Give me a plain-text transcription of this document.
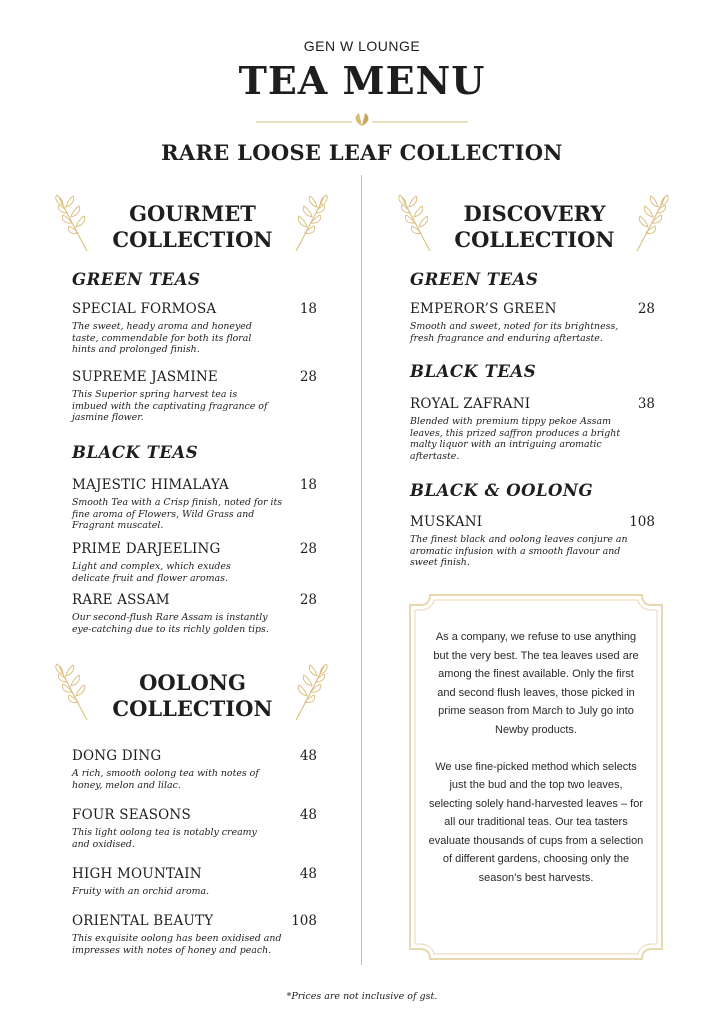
GEN W LOUNGE
TEA MENU
RARE LOOSE LEAF COLLECTION
GOURMET
COLLECTION
GREEN TEAS
SPECIAL FORMOSA	18
The sweet, heady aroma and honeyed taste, commendable for both its floral hints and prolonged finish.
SUPREME JASMINE	28
This Superior spring harvest tea is imbued with the captivating fragrance of jasmine flower.
BLACK TEAS
MAJESTIC HIMALAYA	18
Smooth Tea with a Crisp finish, noted for its fine aroma of Flowers, Wild Grass and Fragrant muscatel.
PRIME DARJEELING	28
Light and complex, which exudes delicate fruit and flower aromas.
RARE ASSAM	28
Our second-flush Rare Assam is instantly eye-catching due to its richly golden tips.
OOLONG
COLLECTION
DONG DING	48
A rich, smooth oolong tea with notes of honey, melon and lilac.
FOUR SEASONS	48
This light oolong tea is notably creamy and oxidised.
HIGH MOUNTAIN	48
Fruity with an orchid aroma.
ORIENTAL BEAUTY	108
This exquisite oolong has been oxidised and impresses with notes of honey and peach.
DISCOVERY
COLLECTION
GREEN TEAS
EMPEROR’S GREEN	28
Smooth and sweet, noted for its brightness, fresh fragrance and enduring aftertaste.
BLACK TEAS
ROYAL ZAFRANI	38
Blended with premium tippy pekoe Assam leaves, this prized saffron produces a bright malty liquor with an intriguing aromatic aftertaste.
BLACK & OOLONG
MUSKANI	108
The finest black and oolong leaves conjure an aromatic infusion with a smooth flavour and sweet finish.
As a company, we refuse to use anything but the very best. The tea leaves used are among the finest available. Only the first and second flush leaves, those picked in prime season from March to July go into Newby products.
We use fine-picked method which selects just the bud and the top two leaves, selecting solely hand-harvested leaves – for all our traditional teas. Our tea tasters evaluate thousands of cups from a selection of different gardens, choosing only the season’s best harvests.
*Prices are not inclusive of gst.
